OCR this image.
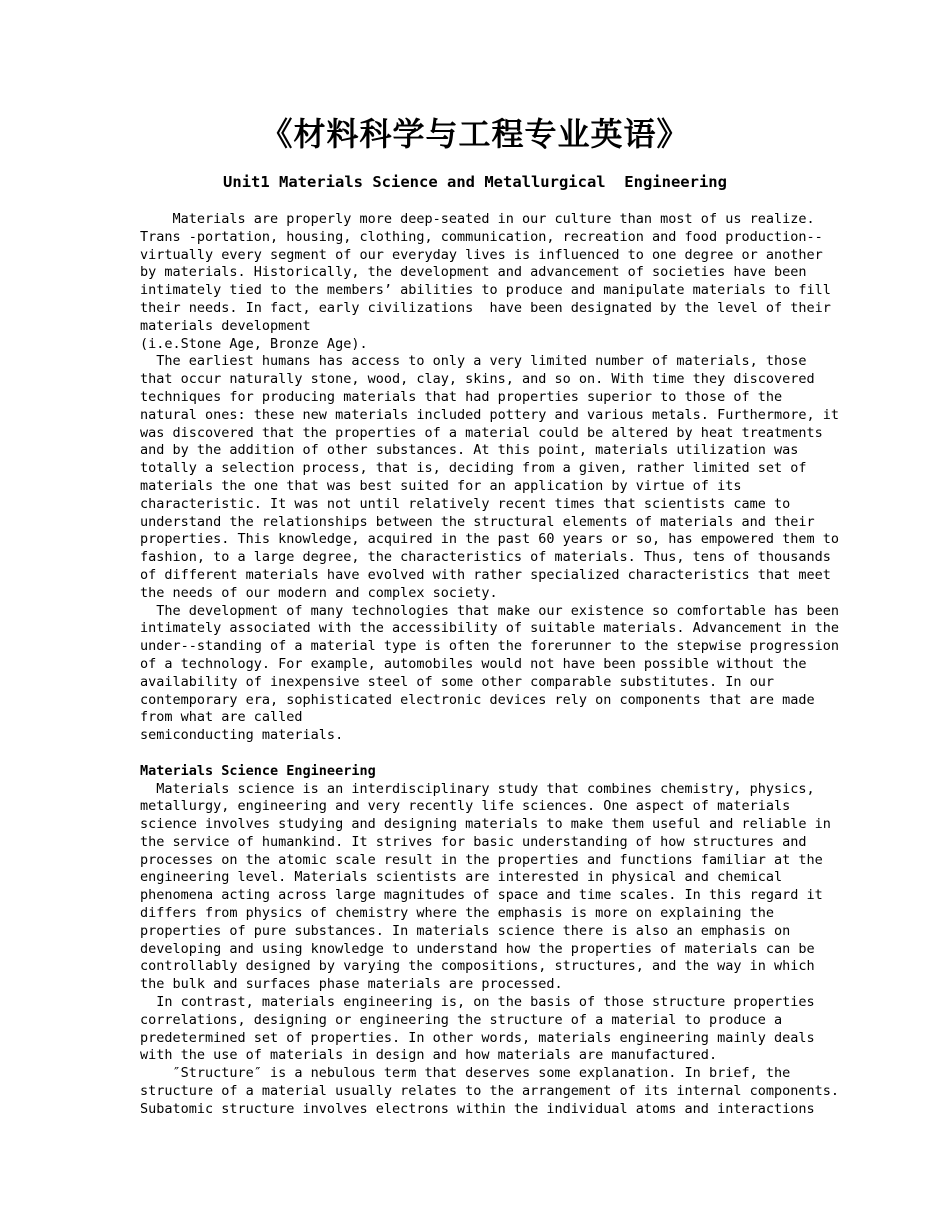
《材料科学与工程专业英语》
Unit1 Materials Science and Metallurgical  Engineering
Materials are properly more deep-seated in our culture than most of us realize.
Trans -portation, housing, clothing, communication, recreation and food production--
virtually every segment of our everyday lives is influenced to one degree or another
by materials. Historically, the development and advancement of societies have been
intimately tied to the members’ abilities to produce and manipulate materials to fill
their needs. In fact, early civilizations  have been designated by the level of their
materials development
(i.e.Stone Age, Bronze Age).
The earliest humans has access to only a very limited number of materials, those
that occur naturally stone, wood, clay, skins, and so on. With time they discovered
techniques for producing materials that had properties superior to those of the
natural ones: these new materials included pottery and various metals. Furthermore, it
was discovered that the properties of a material could be altered by heat treatments
and by the addition of other substances. At this point, materials utilization was
totally a selection process, that is, deciding from a given, rather limited set of
materials the one that was best suited for an application by virtue of its
characteristic. It was not until relatively recent times that scientists came to
understand the relationships between the structural elements of materials and their
properties. This knowledge, acquired in the past 60 years or so, has empowered them to
fashion, to a large degree, the characteristics of materials. Thus, tens of thousands
of different materials have evolved with rather specialized characteristics that meet
the needs of our modern and complex society.
The development of many technologies that make our existence so comfortable has been
intimately associated with the accessibility of suitable materials. Advancement in the
under--standing of a material type is often the forerunner to the stepwise progression
of a technology. For example, automobiles would not have been possible without the
availability of inexpensive steel of some other comparable substitutes. In our
contemporary era, sophisticated electronic devices rely on components that are made
from what are called
semiconducting materials.
Materials Science Engineering
Materials science is an interdisciplinary study that combines chemistry, physics,
metallurgy, engineering and very recently life sciences. One aspect of materials
science involves studying and designing materials to make them useful and reliable in
the service of humankind. It strives for basic understanding of how structures and
processes on the atomic scale result in the properties and functions familiar at the
engineering level. Materials scientists are interested in physical and chemical
phenomena acting across large magnitudes of space and time scales. In this regard it
differs from physics of chemistry where the emphasis is more on explaining the
properties of pure substances. In materials science there is also an emphasis on
developing and using knowledge to understand how the properties of materials can be
controllably designed by varying the compositions, structures, and the way in which
the bulk and surfaces phase materials are processed.
In contrast, materials engineering is, on the basis of those structure properties
correlations, designing or engineering the structure of a material to produce a
predetermined set of properties. In other words, materials engineering mainly deals
with the use of materials in design and how materials are manufactured.
″Structure″ is a nebulous term that deserves some explanation. In brief, the
structure of a material usually relates to the arrangement of its internal components.
Subatomic structure involves electrons within the individual atoms and interactions
